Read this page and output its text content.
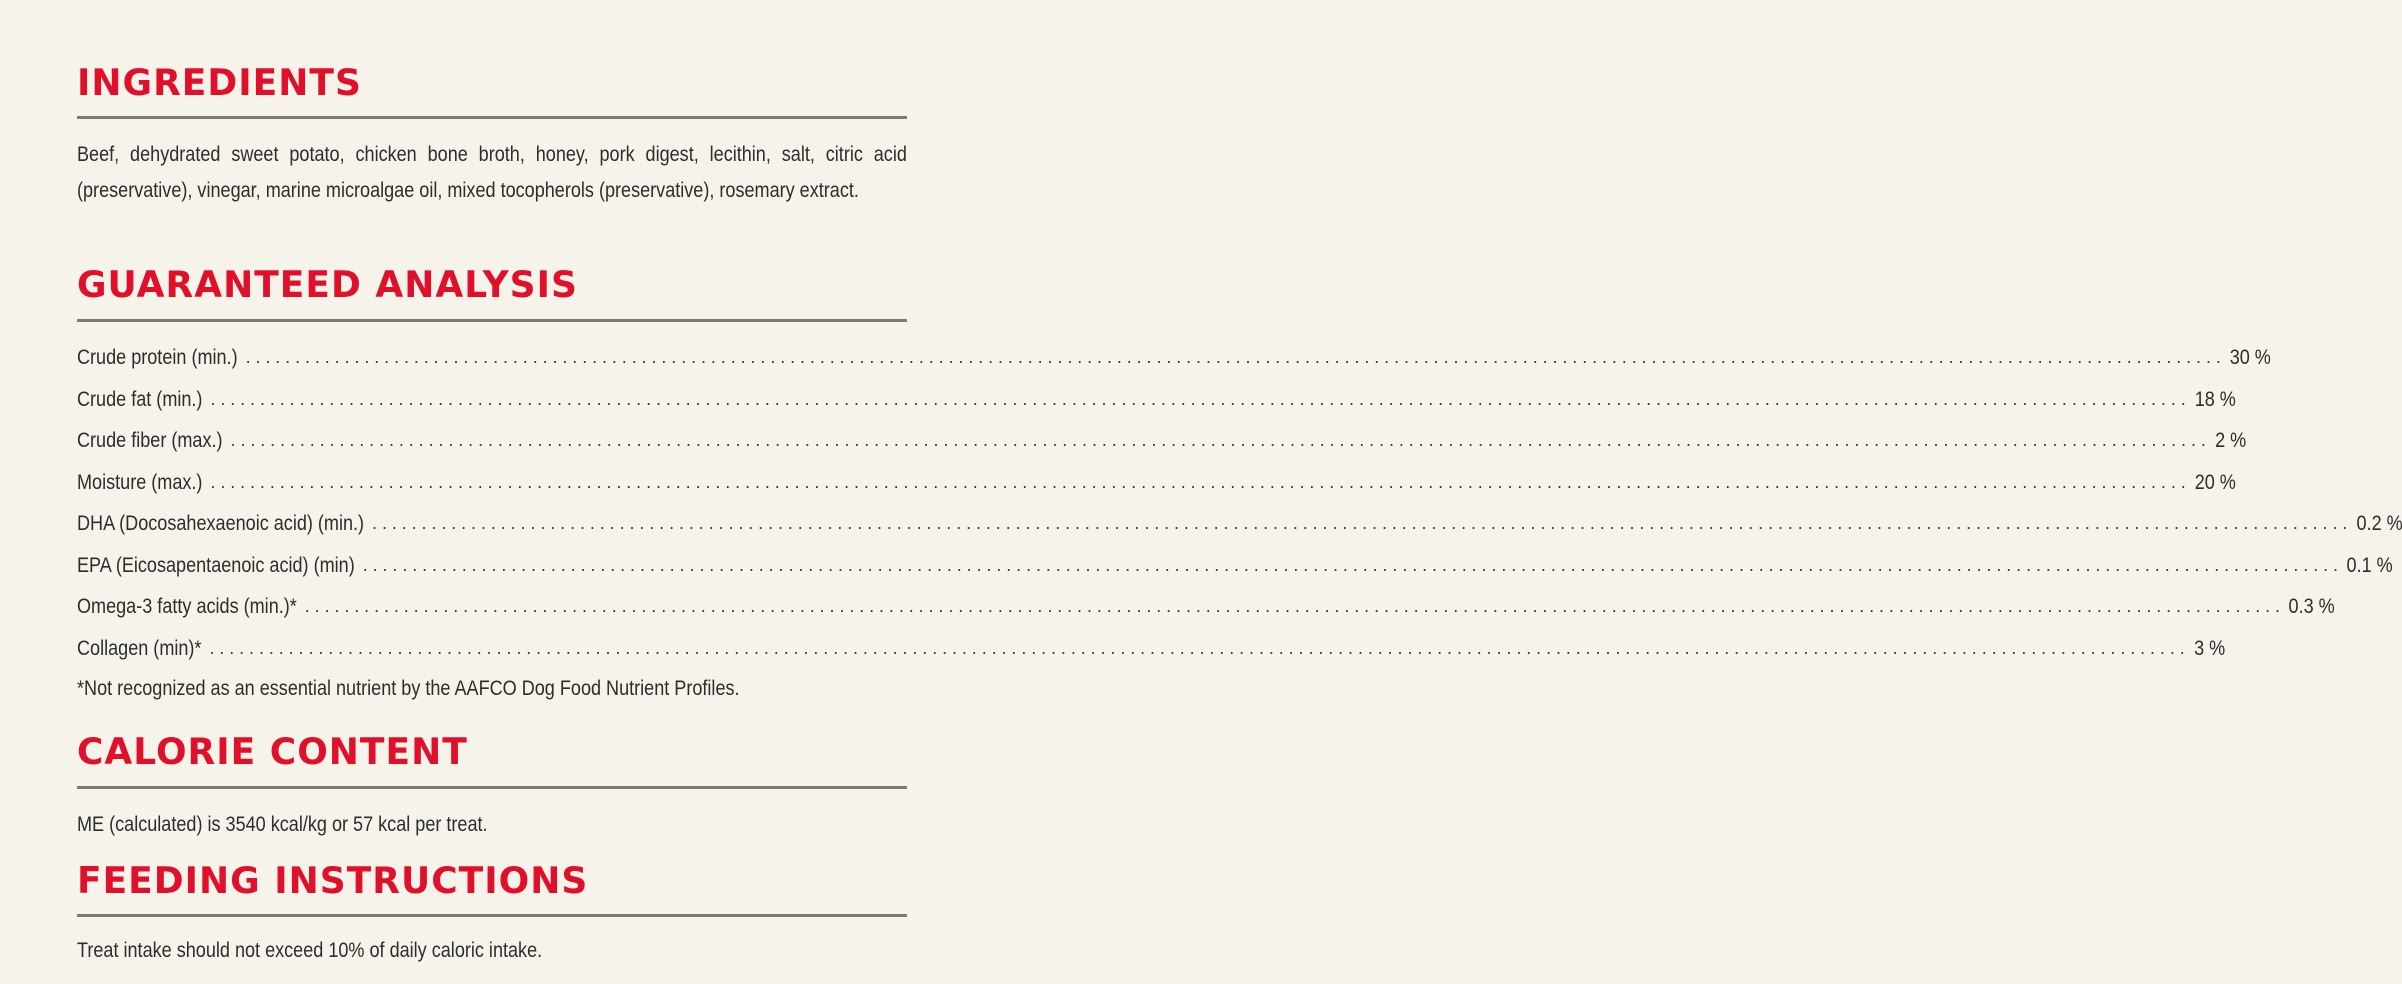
INGREDIENTS

Beef, dehydrated sweet potato, chicken bone broth, honey, pork digest, lecithin, salt, citric acid (preservative), vinegar, marine microalgae oil, mixed tocopherols (preservative), rosemary extract.

GUARANTEED ANALYSIS
Crude protein (min.) ........................................................................................................................................................................................................ 30 %
Crude fat (min.) ........................................................................................................................................................................................................ 18 %
Crude fiber (max.) ........................................................................................................................................................................................................ 2 %
Moisture (max.) ........................................................................................................................................................................................................ 20 %
DHA (Docosahexaenoic acid) (min.) ........................................................................................................................................................................................................ 0.2 %
EPA (Eicosapentaenoic acid) (min) ........................................................................................................................................................................................................ 0.1 %
Omega-3 fatty acids (min.)* ........................................................................................................................................................................................................ 0.3 %
Collagen (min)* ........................................................................................................................................................................................................ 3 %
*Not recognized as an essential nutrient by the AAFCO Dog Food Nutrient Profiles.
CALORIE CONTENT

ME (calculated) is 3540 kcal/kg or 57 kcal per treat.

FEEDING INSTRUCTIONS

Treat intake should not exceed 10% of daily caloric intake.
